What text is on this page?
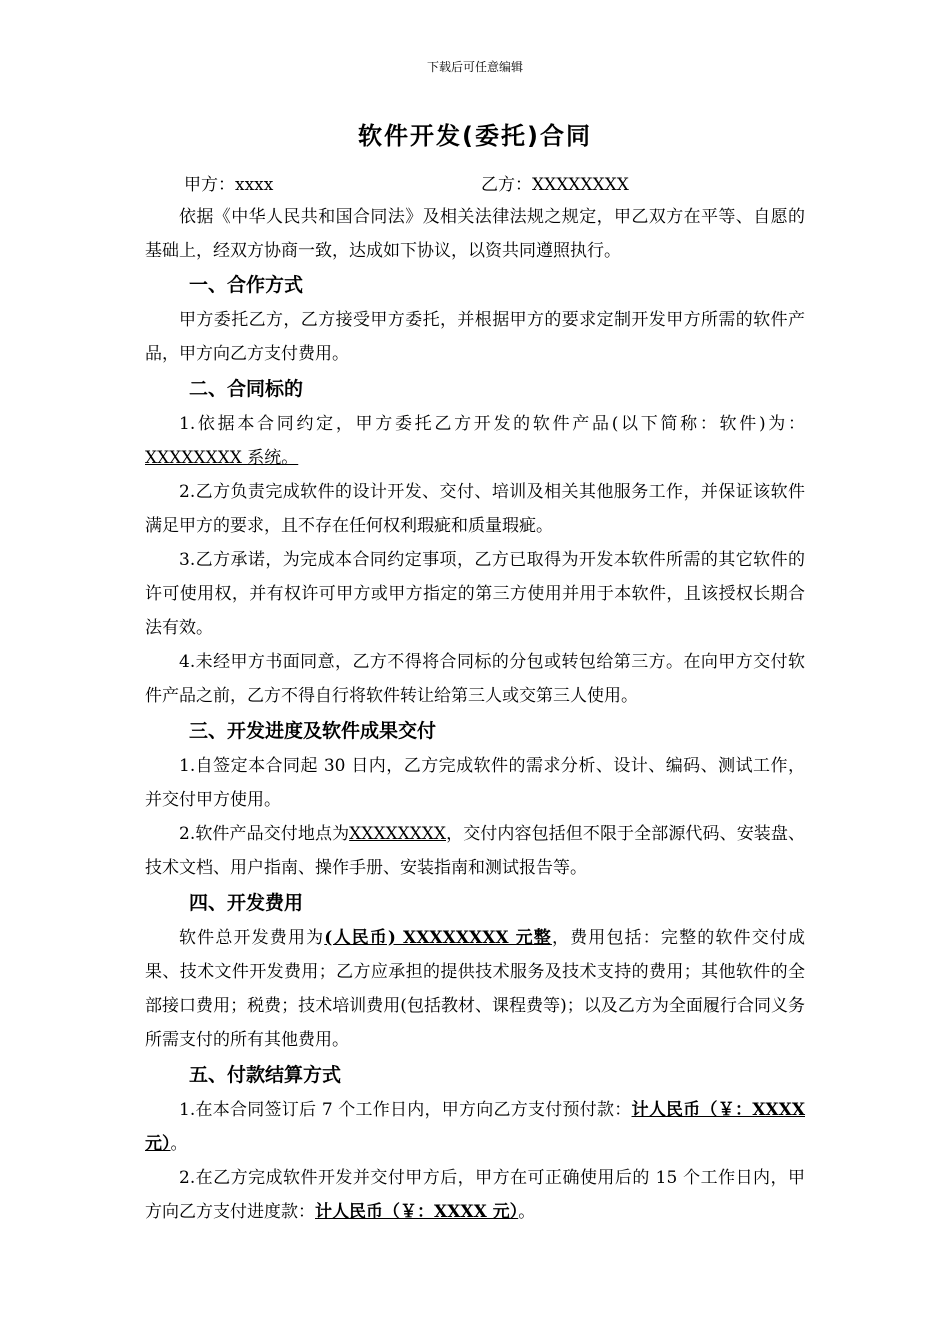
下载后可任意编辑
软件开发(委托)合同
甲方：xxxx	乙方：XXXXXXXX

依据《中华人民共和国合同法》及相关法律法规之规定，甲乙双方在平等、自愿的基础上，经双方协商一致，达成如下协议，以资共同遵照执行。

一、合作方式

甲方委托乙方，乙方接受甲方委托，并根据甲方的要求定制开发甲方所需的软件产品，甲方向乙方支付费用。

二、合同标的

1.依据本合同约定，甲方委托乙方开发的软件产品(以下简称：软件)为：XXXXXXXX 系统。

2.乙方负责完成软件的设计开发、交付、培训及相关其他服务工作，并保证该软件满足甲方的要求，且不存在任何权利瑕疵和质量瑕疵。

3.乙方承诺，为完成本合同约定事项，乙方已取得为开发本软件所需的其它软件的许可使用权，并有权许可甲方或甲方指定的第三方使用并用于本软件，且该授权长期合法有效。

4.未经甲方书面同意，乙方不得将合同标的分包或转包给第三方。在向甲方交付软件产品之前，乙方不得自行将软件转让给第三人或交第三人使用。

三、开发进度及软件成果交付

1.自签定本合同起 30 日内，乙方完成软件的需求分析、设计、编码、测试工作，并交付甲方使用。

2.软件产品交付地点为XXXXXXXX，交付内容包括但不限于全部源代码、安装盘、技术文档、用户指南、操作手册、安装指南和测试报告等。

四、开发费用

软件总开发费用为(人民币) XXXXXXXX 元整，费用包括：完整的软件交付成果、技术文件开发费用；乙方应承担的提供技术服务及技术支持的费用；其他软件的全部接口费用；税费；技术培训费用(包括教材、课程费等)；以及乙方为全面履行合同义务所需支付的所有其他费用。

五、付款结算方式

1.在本合同签订后 7 个工作日内，甲方向乙方支付预付款：计人民币（￥：XXXX 元）。

2.在乙方完成软件开发并交付甲方后，甲方在可正确使用后的 15 个工作日内，甲方向乙方支付进度款：计人民币（￥：XXXX 元）。
